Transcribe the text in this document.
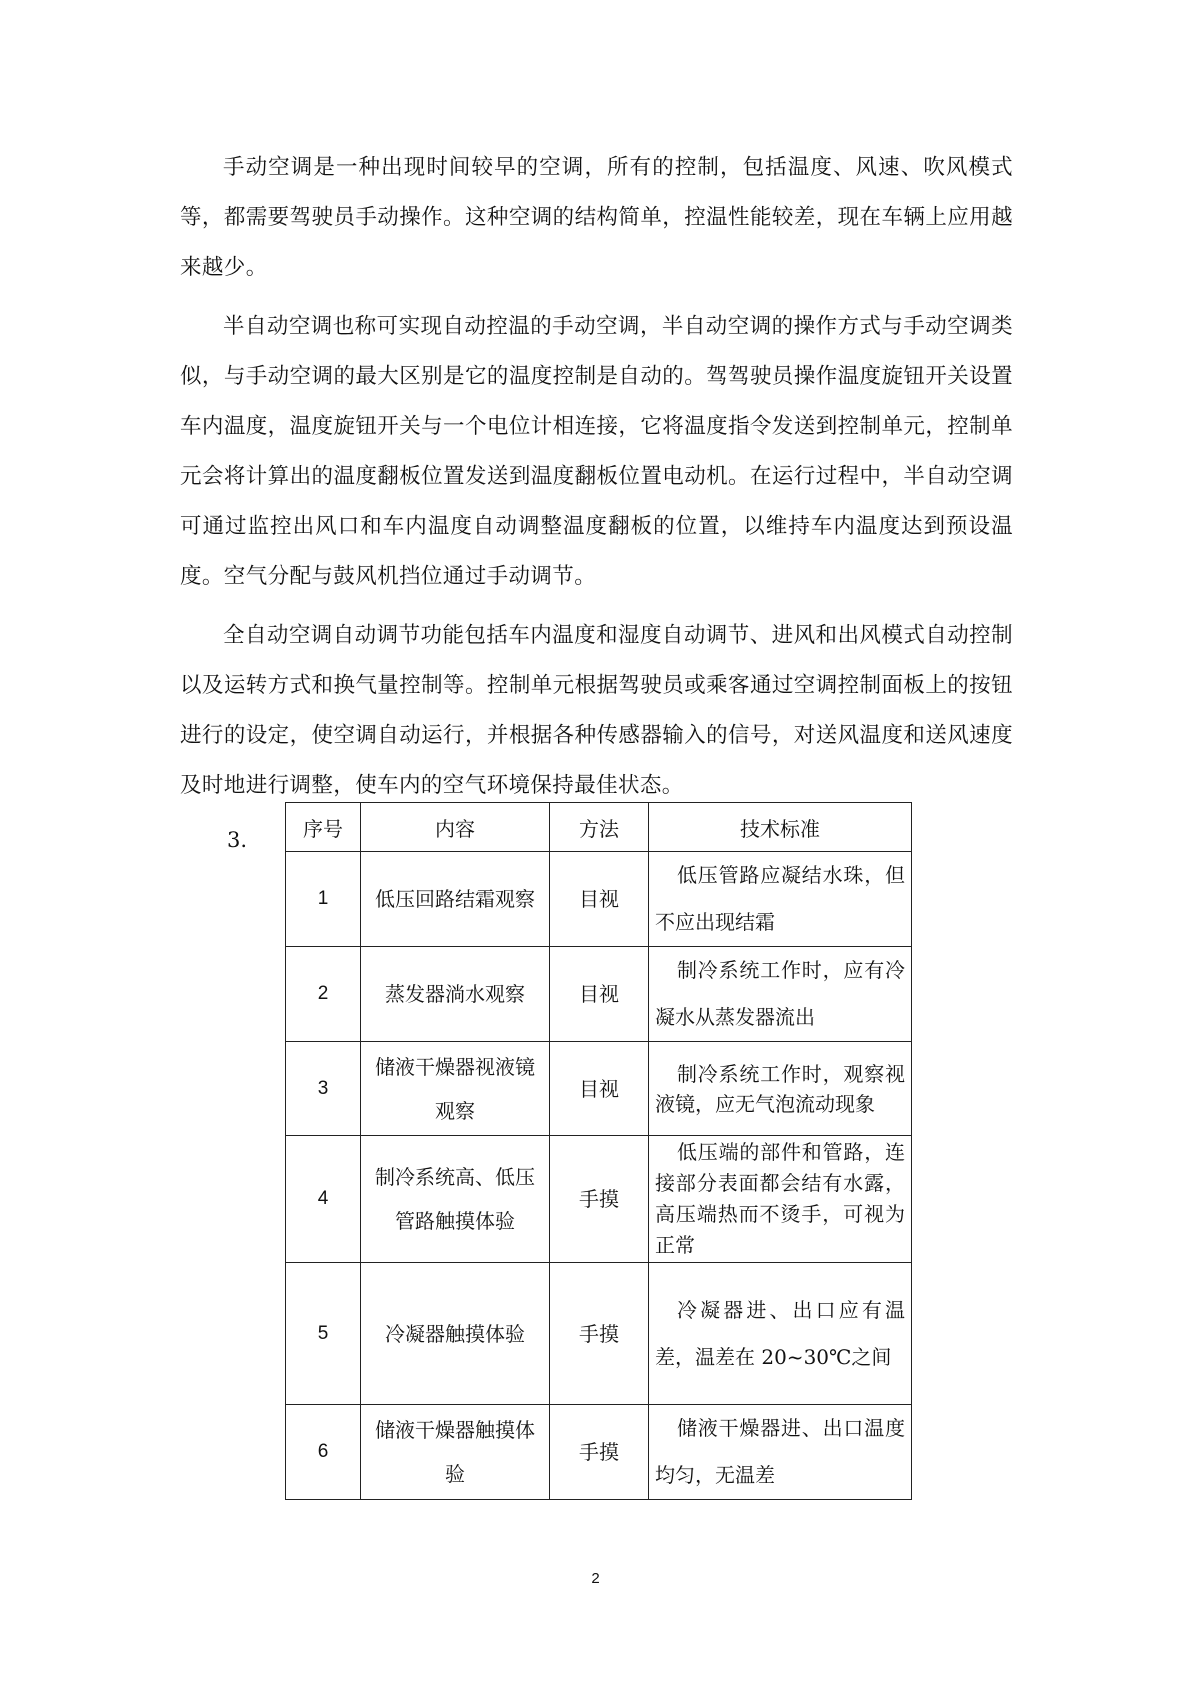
手动空调是一种出现时间较早的空调，所有的控制，包括温度、风速、吹风模式等，都需要驾驶员手动操作。这种空调的结构简单，控温性能较差，现在车辆上应用越来越少。

半自动空调也称可实现自动控温的手动空调，半自动空调的操作方式与手动空调类似，与手动空调的最大区别是它的温度控制是自动的。驾驾驶员操作温度旋钮开关设置车内温度，温度旋钮开关与一个电位计相连接，它将温度指令发送到控制单元，控制单元会将计算出的温度翻板位置发送到温度翻板位置电动机。在运行过程中，半自动空调可通过监控出风口和车内温度自动调整温度翻板的位置，以维持车内温度达到预设温度。空气分配与鼓风机挡位通过手动调节。

全自动空调自动调节功能包括车内温度和湿度自动调节、进风和出风模式自动控制以及运转方式和换气量控制等。控制单元根据驾驶员或乘客通过空调控制面板上的按钮进行的设定，使空调自动运行，并根据各种传感器输入的信号，对送风温度和送风速度及时地进行调整，使车内的空气环境保持最佳状态。

3.	序号	内容	方法	技术标准
1	低压回路结霜观察	目视	低压管路应凝结水珠，但不应出现结霜
2	蒸发器淌水观察	目视	制冷系统工作时，应有冷凝水从蒸发器流出
3	储液干燥器视液镜观察	目视	制冷系统工作时，观察视液镜，应无气泡流动现象
4	制冷系统高、低压管路触摸体验	手摸	低压端的部件和管路，连接部分表面都会结有水露，高压端热而不烫手，可视为正常
5	冷凝器触摸体验	手摸	冷凝器进、出口应有温差，温差在 20~30℃之间
6	储液干燥器触摸体验	手摸	储液干燥器进、出口温度均匀，无温差
2
